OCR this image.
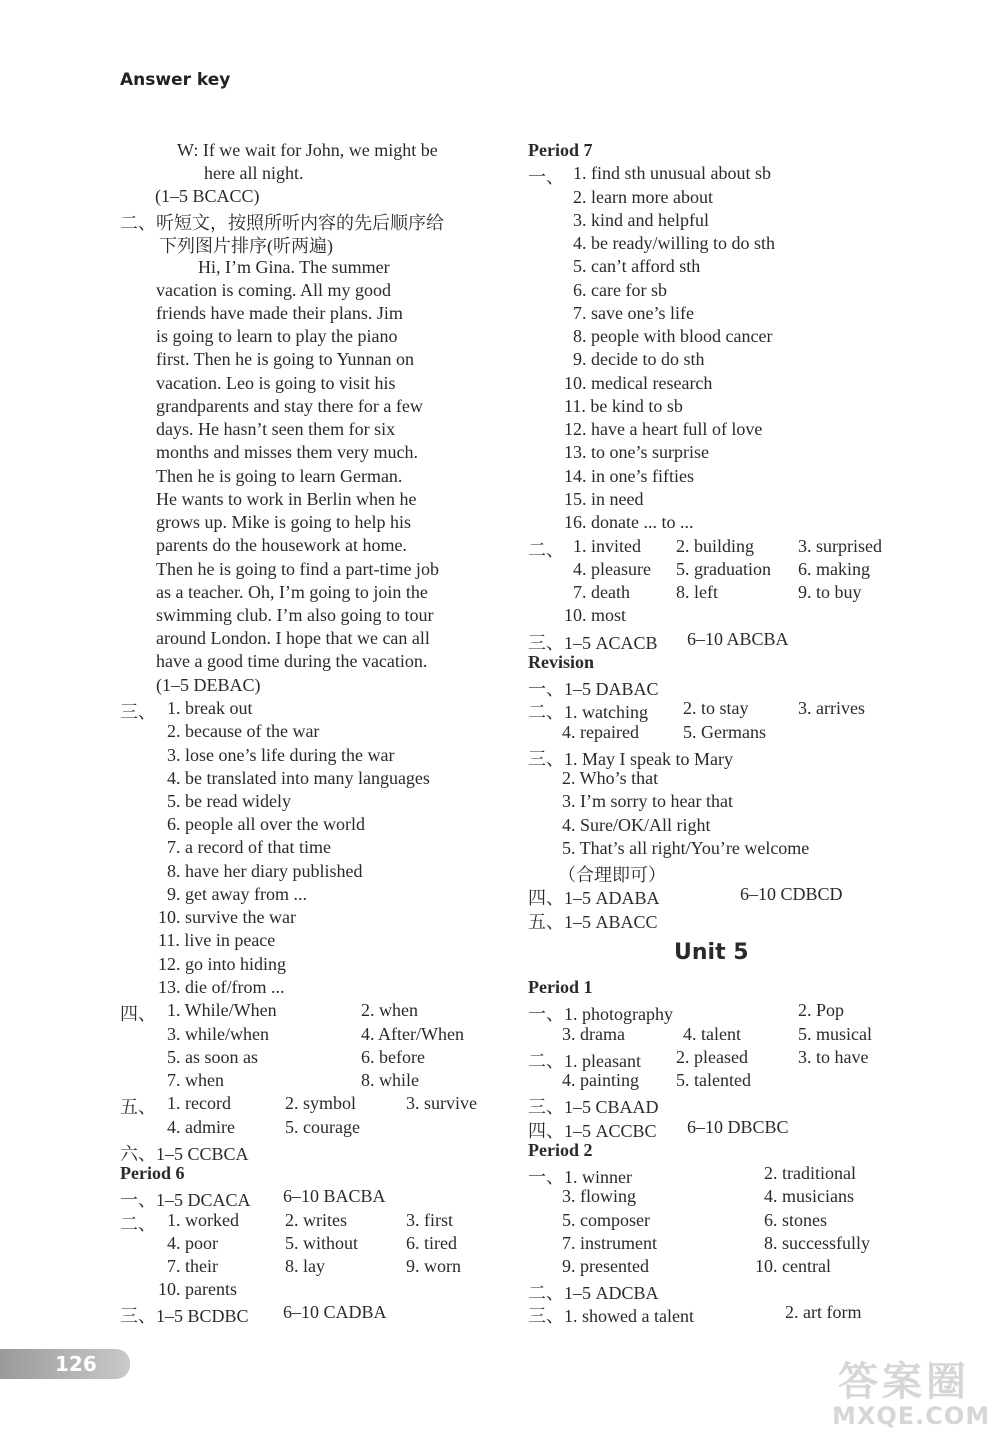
Answer key
W: If we wait for John, we might be
here all night.
(1–5 BCACC)
二、听短文，按照所听内容的先后顺序给
下列图片排序(听两遍)
Hi, I’m Gina. The summer
vacation is coming. All my good
friends have made their plans. Jim
is going to learn to play the piano
first. Then he is going to Yunnan on
vacation. Leo is going to visit his
grandparents and stay there for a few
days. He hasn’t seen them for six
months and misses them very much.
Then he is going to learn German.
He wants to work in Berlin when he
grows up. Mike is going to help his
parents do the housework at home.
Then he is going to find a part-time job
as a teacher. Oh, I’m going to join the
swimming club. I’m also going to tour
around London. I hope that we can all
have a good time during the vacation.
(1–5 DEBAC)
三、 1. break out
2. because of the war
3. lose one’s life during the war
4. be translated into many languages
5. be read widely
6. people all over the world
7. a record of that time
8. have her diary published
9. get away from ...
10. survive the war
11. live in peace
12. go into hiding
13. die of/from ...
四、 1. While/When	2. when
3. while/when	4. After/When
5. as soon as	6. before
7. when	8. while
五、 1. record	2. symbol	3. survive
4. admire	5. courage
六、1–5 CCBCA
Period 6
一、1–5 DCACA 6–10 BACBA
二、 1. worked	2. writes	3. first
4. poor	5. without	6. tired
7. their	8. lay	9. worn
10. parents
三、1–5 BCDBC 6–10 CADBA
Period 7
一、 1. find sth unusual about sb
2. learn more about
3. kind and helpful
4. be ready/willing to do sth
5. can’t afford sth
6. care for sb
7. save one’s life
8. people with blood cancer
9. decide to do sth
10. medical research
11. be kind to sb
12. have a heart full of love
13. to one’s surprise
14. in one’s fifties
15. in need
16. donate ... to ...
二、 1. invited 2. building 3. surprised
4. pleasure 5. graduation 6. making
7. death	8. left	9. to buy
10. most
三、1–5 ACACB 6–10 ABCBA
Revision
一、1–5 DABAC
二、1. watching 2. to stay	3. arrives
4. repaired 5. Germans
三、1. May I speak to Mary
2. Who’s that
3. I’m sorry to hear that
4. Sure/OK/All right
5. That’s all right/You’re welcome
（合理即可）
四、1–5 ADABA	6–10 CDBCD
五、1–5 ABACC
Unit 5
Period 1
一、1. photography	2. Pop
3. drama	4. talent	5. musical
二、1. pleasant 2. pleased	3. to have
4. painting 5. talented
三、1–5 CBAAD
四、1–5 ACCBC 6–10 DBCBC
Period 2
一、1. winner	2. traditional
3. flowing	4. musicians
5. composer	6. stones
7. instrument	8. successfully
9. presented	10. central
二、1–5 ADCBA
三、1. showed a talent	2. art form
126	答案圈
MXQE.COM
